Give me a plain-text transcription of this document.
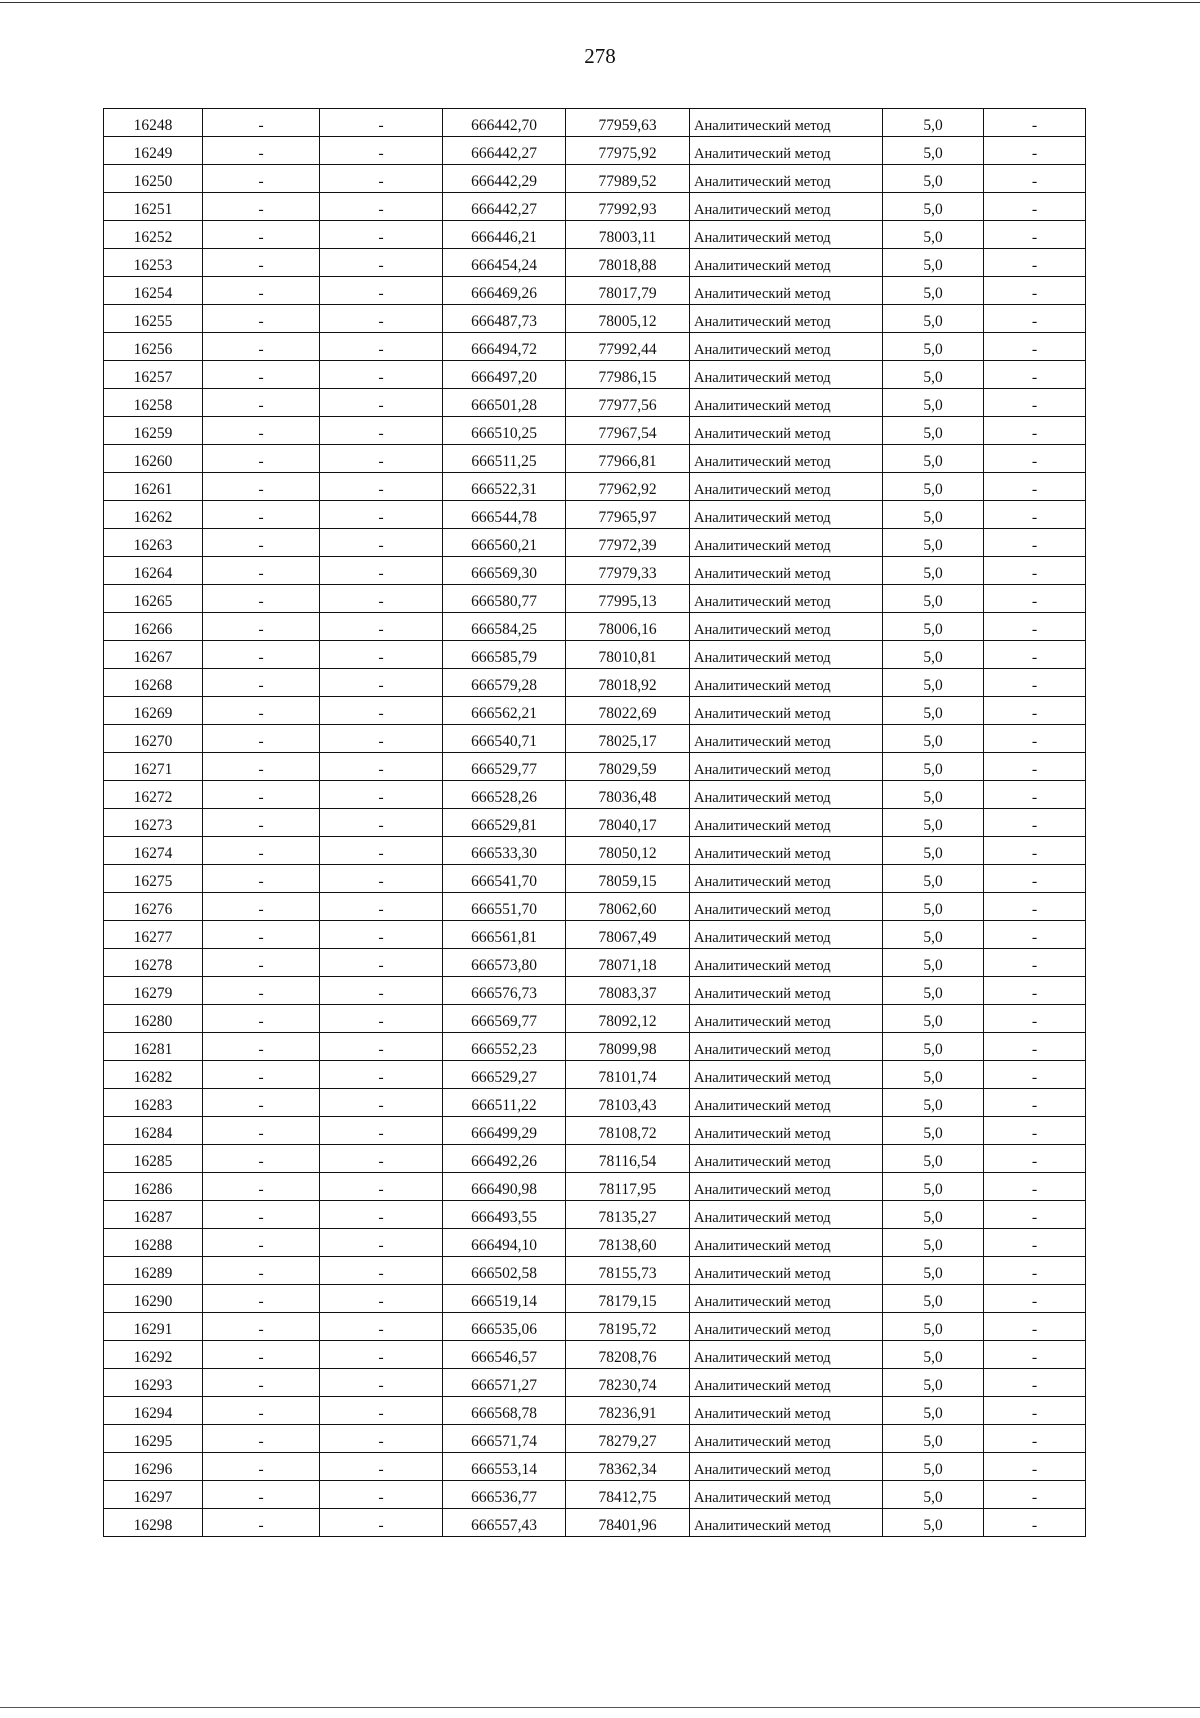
278
16248	-	-	666442,70	77959,63	Аналитический метод	5,0	-
16249	-	-	666442,27	77975,92	Аналитический метод	5,0	-
16250	-	-	666442,29	77989,52	Аналитический метод	5,0	-
16251	-	-	666442,27	77992,93	Аналитический метод	5,0	-
16252	-	-	666446,21	78003,11	Аналитический метод	5,0	-
16253	-	-	666454,24	78018,88	Аналитический метод	5,0	-
16254	-	-	666469,26	78017,79	Аналитический метод	5,0	-
16255	-	-	666487,73	78005,12	Аналитический метод	5,0	-
16256	-	-	666494,72	77992,44	Аналитический метод	5,0	-
16257	-	-	666497,20	77986,15	Аналитический метод	5,0	-
16258	-	-	666501,28	77977,56	Аналитический метод	5,0	-
16259	-	-	666510,25	77967,54	Аналитический метод	5,0	-
16260	-	-	666511,25	77966,81	Аналитический метод	5,0	-
16261	-	-	666522,31	77962,92	Аналитический метод	5,0	-
16262	-	-	666544,78	77965,97	Аналитический метод	5,0	-
16263	-	-	666560,21	77972,39	Аналитический метод	5,0	-
16264	-	-	666569,30	77979,33	Аналитический метод	5,0	-
16265	-	-	666580,77	77995,13	Аналитический метод	5,0	-
16266	-	-	666584,25	78006,16	Аналитический метод	5,0	-
16267	-	-	666585,79	78010,81	Аналитический метод	5,0	-
16268	-	-	666579,28	78018,92	Аналитический метод	5,0	-
16269	-	-	666562,21	78022,69	Аналитический метод	5,0	-
16270	-	-	666540,71	78025,17	Аналитический метод	5,0	-
16271	-	-	666529,77	78029,59	Аналитический метод	5,0	-
16272	-	-	666528,26	78036,48	Аналитический метод	5,0	-
16273	-	-	666529,81	78040,17	Аналитический метод	5,0	-
16274	-	-	666533,30	78050,12	Аналитический метод	5,0	-
16275	-	-	666541,70	78059,15	Аналитический метод	5,0	-
16276	-	-	666551,70	78062,60	Аналитический метод	5,0	-
16277	-	-	666561,81	78067,49	Аналитический метод	5,0	-
16278	-	-	666573,80	78071,18	Аналитический метод	5,0	-
16279	-	-	666576,73	78083,37	Аналитический метод	5,0	-
16280	-	-	666569,77	78092,12	Аналитический метод	5,0	-
16281	-	-	666552,23	78099,98	Аналитический метод	5,0	-
16282	-	-	666529,27	78101,74	Аналитический метод	5,0	-
16283	-	-	666511,22	78103,43	Аналитический метод	5,0	-
16284	-	-	666499,29	78108,72	Аналитический метод	5,0	-
16285	-	-	666492,26	78116,54	Аналитический метод	5,0	-
16286	-	-	666490,98	78117,95	Аналитический метод	5,0	-
16287	-	-	666493,55	78135,27	Аналитический метод	5,0	-
16288	-	-	666494,10	78138,60	Аналитический метод	5,0	-
16289	-	-	666502,58	78155,73	Аналитический метод	5,0	-
16290	-	-	666519,14	78179,15	Аналитический метод	5,0	-
16291	-	-	666535,06	78195,72	Аналитический метод	5,0	-
16292	-	-	666546,57	78208,76	Аналитический метод	5,0	-
16293	-	-	666571,27	78230,74	Аналитический метод	5,0	-
16294	-	-	666568,78	78236,91	Аналитический метод	5,0	-
16295	-	-	666571,74	78279,27	Аналитический метод	5,0	-
16296	-	-	666553,14	78362,34	Аналитический метод	5,0	-
16297	-	-	666536,77	78412,75	Аналитический метод	5,0	-
16298	-	-	666557,43	78401,96	Аналитический метод	5,0	-
